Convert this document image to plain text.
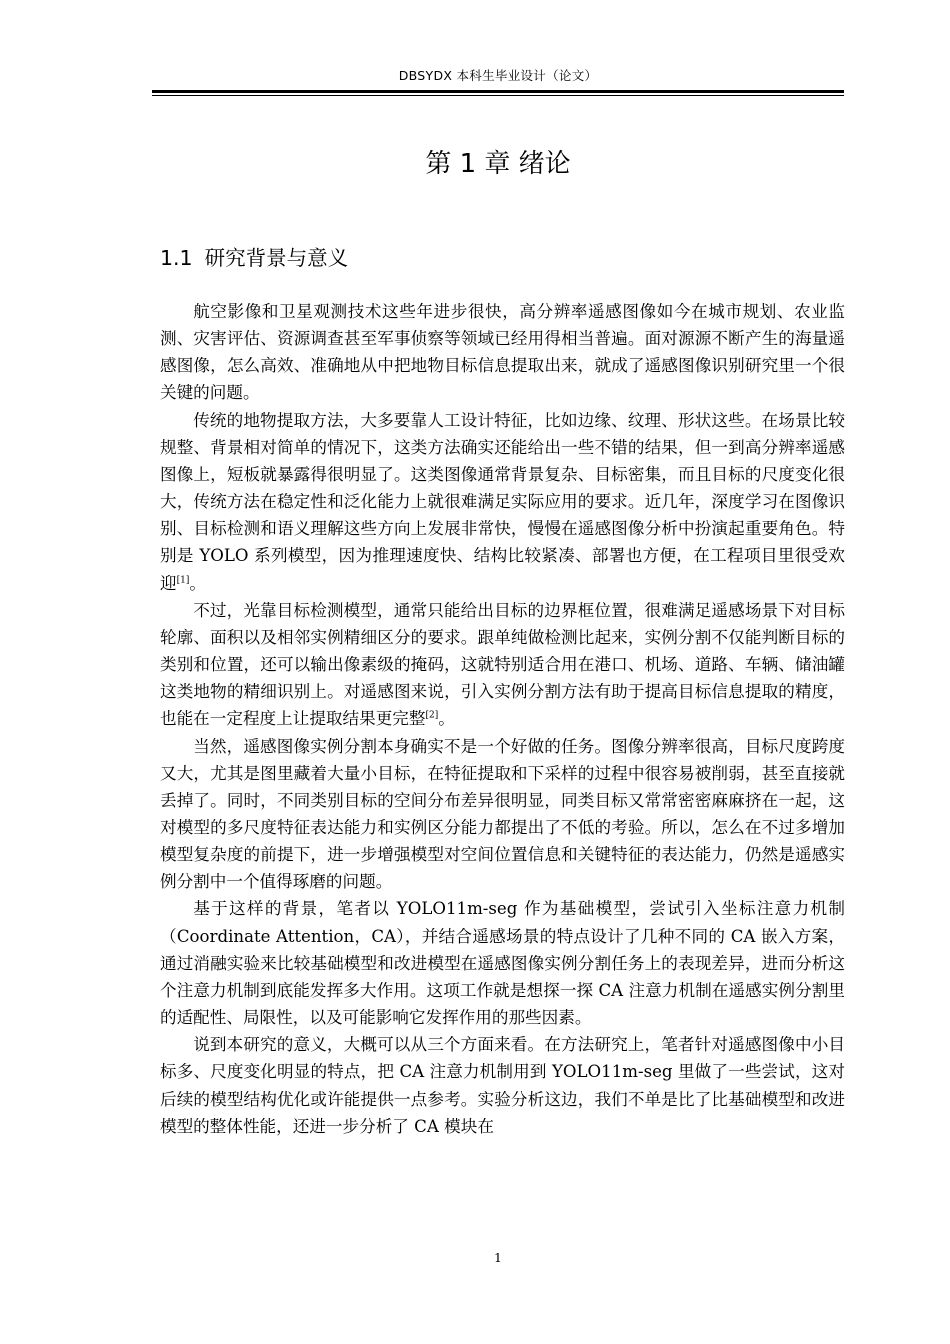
DBSYDX 本科生毕业设计（论文）
第 1 章 绪论
1.1 研究背景与意义

航空影像和卫星观测技术这些年进步很快，高分辨率遥感图像如今在城市规划、农业监测、灾害评估、资源调查甚至军事侦察等领域已经用得相当普遍。面对源源不断产生的海量遥感图像，怎么高效、准确地从中把地物目标信息提取出来，就成了遥感图像识别研究里一个很关键的问题。

传统的地物提取方法，大多要靠人工设计特征，比如边缘、纹理、形状这些。在场景比较规整、背景相对简单的情况下，这类方法确实还能给出一些不错的结果，但一到高分辨率遥感图像上，短板就暴露得很明显了。这类图像通常背景复杂、目标密集，而且目标的尺度变化很大，传统方法在稳定性和泛化能力上就很难满足实际应用的要求。近几年，深度学习在图像识别、目标检测和语义理解这些方向上发展非常快，慢慢在遥感图像分析中扮演起重要角色。特别是 YOLO 系列模型，因为推理速度快、结构比较紧凑、部署也方便，在工程项目里很受欢迎[1]。

不过，光靠目标检测模型，通常只能给出目标的边界框位置，很难满足遥感场景下对目标轮廓、面积以及相邻实例精细区分的要求。跟单纯做检测比起来，实例分割不仅能判断目标的类别和位置，还可以输出像素级的掩码，这就特别适合用在港口、机场、道路、车辆、储油罐这类地物的精细识别上。对遥感图来说，引入实例分割方法有助于提高目标信息提取的精度，也能在一定程度上让提取结果更完整[2]。

当然，遥感图像实例分割本身确实不是一个好做的任务。图像分辨率很高，目标尺度跨度又大，尤其是图里藏着大量小目标，在特征提取和下采样的过程中很容易被削弱，甚至直接就丢掉了。同时，不同类别目标的空间分布差异很明显，同类目标又常常密密麻麻挤在一起，这对模型的多尺度特征表达能力和实例区分能力都提出了不低的考验。所以，怎么在不过多增加模型复杂度的前提下，进一步增强模型对空间位置信息和关键特征的表达能力，仍然是遥感实例分割中一个值得琢磨的问题。

基于这样的背景，笔者以 YOLO11m-seg 作为基础模型，尝试引入坐标注意力机制（Coordinate Attention，CA），并结合遥感场景的特点设计了几种不同的 CA 嵌入方案，通过消融实验来比较基础模型和改进模型在遥感图像实例分割任务上的表现差异，进而分析这个注意力机制到底能发挥多大作用。这项工作就是想探一探 CA 注意力机制在遥感实例分割里的适配性、局限性，以及可能影响它发挥作用的那些因素。

说到本研究的意义，大概可以从三个方面来看。在方法研究上，笔者针对遥感图像中小目标多、尺度变化明显的特点，把 CA 注意力机制用到 YOLO11m-seg 里做了一些尝试，这对后续的模型结构优化或许能提供一点参考。实验分析这边，我们不单是比了比基础模型和改进模型的整体性能，还进一步分析了 CA 模块在

1
